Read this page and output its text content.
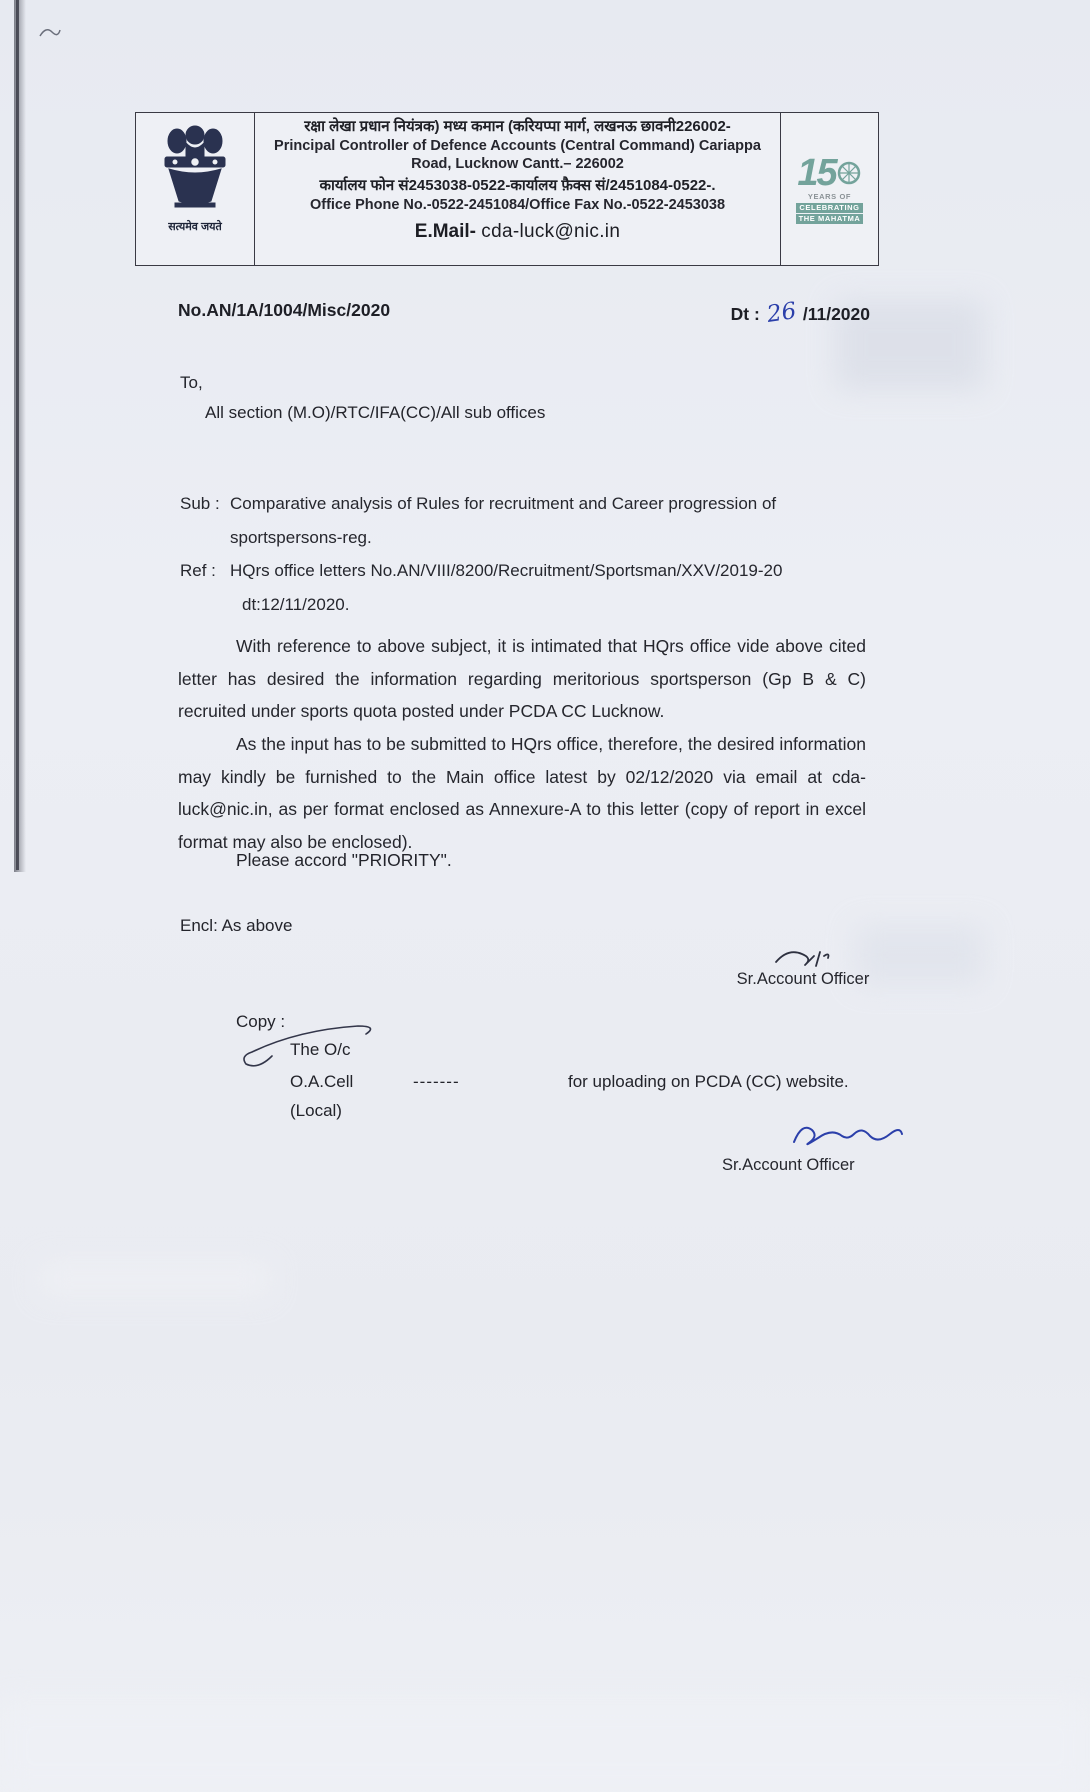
सत्यमेव जयते
रक्षा लेखा प्रधान नियंत्रक) मध्य कमान (करियप्पा मार्ग, लखनऊ छावनी226002-
Principal Controller of Defence Accounts (Central Command) Cariappa
Road, Lucknow Cantt.– 226002
कार्यालय फोन सं2453038-0522-कार्यालय फ़ैक्स सं/2451084-0522-.
Office Phone No.-0522-2451084/Office Fax No.-0522-2453038
E.Mail- cda-luck@nic.in
15
YEARS OF
CELEBRATING
THE MAHATMA
No.AN/1A/1004/Misc/2020	Dt : 26 /11/2020
To,
All section (M.O)/RTC/IFA(CC)/All sub offices
Sub : Comparative analysis of Rules for recruitment and Career progression of
sportspersons-reg.
Ref : HQrs office letters No.AN/VIII/8200/Recruitment/Sportsman/XXV/2019-20
dt:12/11/2020.
With reference to above subject, it is intimated that HQrs office vide above cited letter has desired the information regarding meritorious sportsperson (Gp B & C) recruited under sports quota posted under PCDA CC Lucknow.
As the input has to be submitted to HQrs office, therefore, the desired information may kindly be furnished to the Main office latest by 02/12/2020 via email at cda-luck@nic.in, as per format enclosed as Annexure-A to this letter (copy of report in excel format may also be enclosed).
Please accord "PRIORITY".
Encl: As above
Sr.Account Officer
Copy :
The O/c
O.A.Cell	-------	for uploading on PCDA (CC) website.
(Local)
Sr.Account Officer
